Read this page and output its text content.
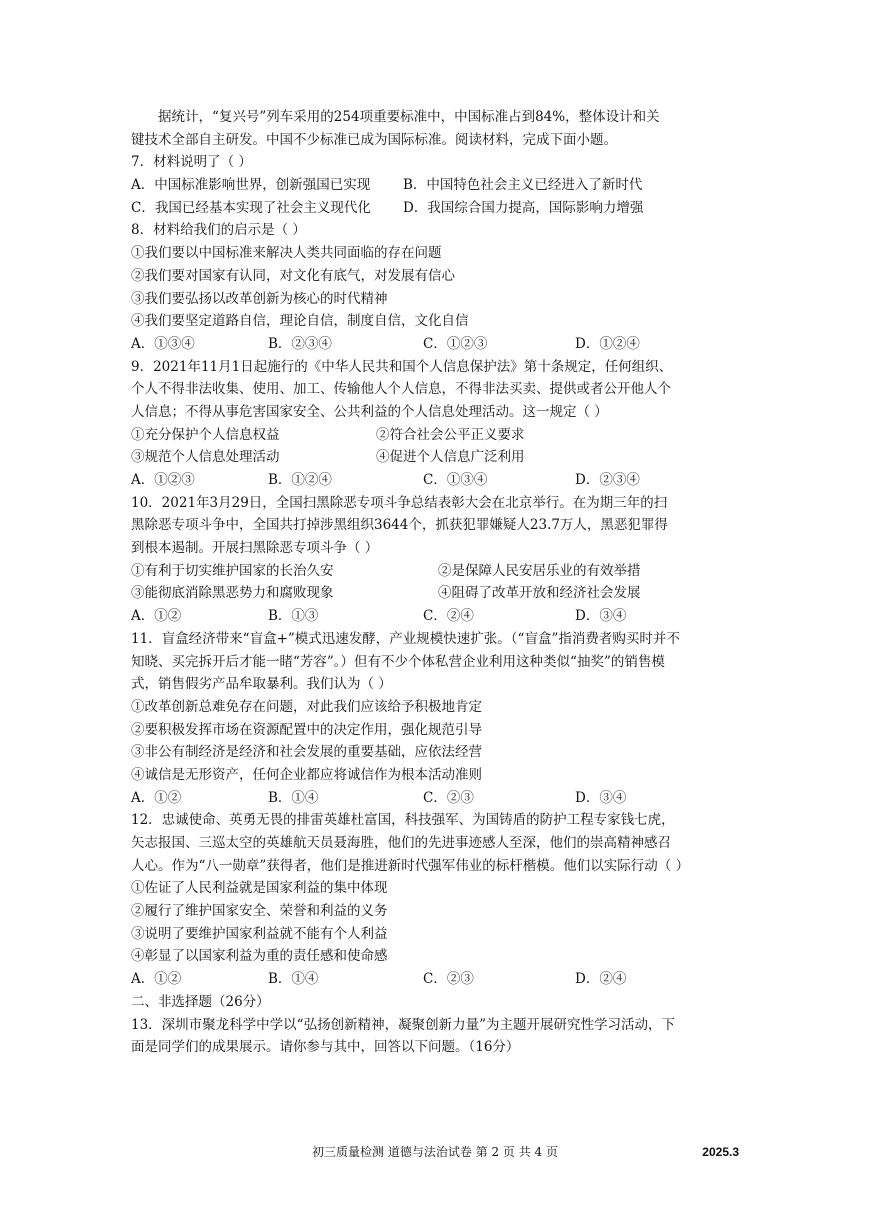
据统计，“复兴号”列车采用的254项重要标准中，中国标准占到84%，整体设计和关
键技术全部自主研发。中国不少标准已成为国际标准。阅读材料，完成下面小题。
7．材料说明了（ ）
A．中国标准影响世界，创新强国已实现	B．中国特色社会主义已经进入了新时代
C．我国已经基本实现了社会主义现代化	D．我国综合国力提高，国际影响力增强
8．材料给我们的启示是（ ）
①我们要以中国标准来解决人类共同面临的存在问题
②我们要对国家有认同，对文化有底气，对发展有信心
③我们要弘扬以改革创新为核心的时代精神
④我们要坚定道路自信，理论自信，制度自信，文化自信
A．①③④	B．②③④	C．①②③	D．①②④
9．2021年11月1日起施行的《中华人民共和国个人信息保护法》第十条规定，任何组织、
个人不得非法收集、使用、加工、传输他人个人信息，不得非法买卖、提供或者公开他人个
人信息；不得从事危害国家安全、公共利益的个人信息处理活动。这一规定（ ）
①充分保护个人信息权益	②符合社会公平正义要求
③规范个人信息处理活动	④促进个人信息广泛利用
A．①②③	B．①②④	C．①③④	D．②③④
10．2021年3月29日，全国扫黑除恶专项斗争总结表彰大会在北京举行。在为期三年的扫
黑除恶专项斗争中，全国共打掉涉黑组织3644个，抓获犯罪嫌疑人23.7万人，黑恶犯罪得
到根本遏制。开展扫黑除恶专项斗争（ ）
①有利于切实维护国家的长治久安	②是保障人民安居乐业的有效举措
③能彻底消除黑恶势力和腐败现象	④阻碍了改革开放和经济社会发展
A．①②	B．①③	C．②④	D．③④
11．盲盒经济带来“盲盒+”模式迅速发酵，产业规模快速扩张。（“盲盒”指消费者购买时并不
知晓、买完拆开后才能一睹“芳容”。）但有不少个体私营企业利用这种类似“抽奖”的销售模
式，销售假劣产品牟取暴利。我们认为（ ）
①改革创新总难免存在问题，对此我们应该给予积极地肯定
②要积极发挥市场在资源配置中的决定作用，强化规范引导
③非公有制经济是经济和社会发展的重要基础，应依法经营
④诚信是无形资产，任何企业都应将诚信作为根本活动准则
A．①②	B．①④	C．②③	D．③④
12．忠诚使命、英勇无畏的排雷英雄杜富国，科技强军、为国铸盾的防护工程专家钱七虎，
矢志报国、三巡太空的英雄航天员聂海胜，他们的先进事迹感人至深，他们的崇高精神感召
人心。作为“八一勋章”获得者，他们是推进新时代强军伟业的标杆楷模。他们以实际行动（ ）
①佐证了人民利益就是国家利益的集中体现
②履行了维护国家安全、荣誉和利益的义务
③说明了要维护国家利益就不能有个人利益
④彰显了以国家利益为重的责任感和使命感
A．①②	B．①④	C．②③	D．②④
二、非选择题（26分）
13．深圳市聚龙科学中学以“弘扬创新精神，凝聚创新力量”为主题开展研究性学习活动，下
面是同学们的成果展示。请你参与其中，回答以下问题。（16分）
初三质量检测 道德与法治试卷 第 2 页 共 4 页	2025.3
